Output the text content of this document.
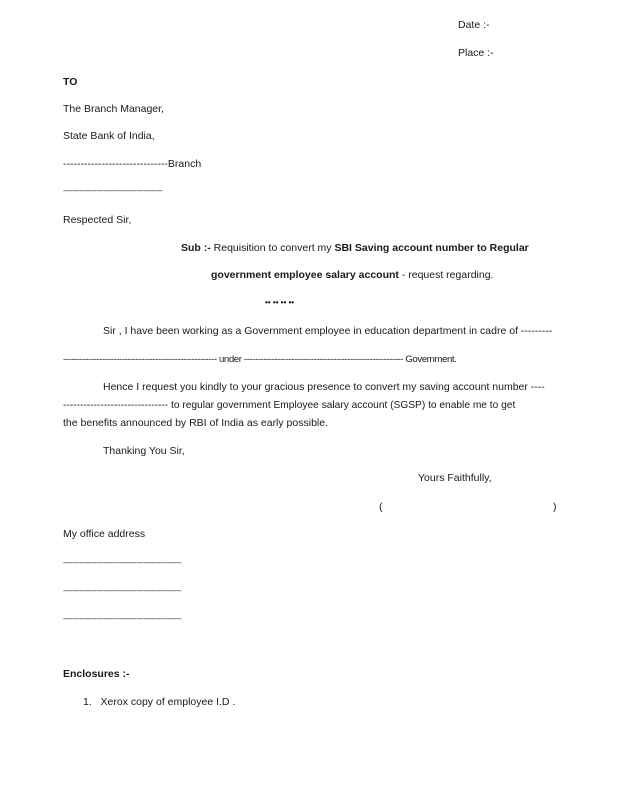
Date :-
Place :-
TO
The Branch Manager,
State Bank of India,
------------------------------Branch
------------------------------------------
Respected Sir,
Sub :- Requisition to convert my SBI Saving account number to Regular
government employee salary account - request regarding.
•• •• •• ••
Sir , I have been working as a Government employee in education department in cadre of ---------
------------------------------------------------------- under --------------------------------------------------------- Government.
Hence I request you kindly to your gracious presence to convert my saving account number ----
------------------------------- to regular government Employee salary account (SGSP) to enable me to get
the benefits announced by RBI of India as early possible.
Thanking You Sir,
Yours Faithfully,
(	)
My office address
--------------------------------------------------
--------------------------------------------------
--------------------------------------------------
Enclosures :-
1. Xerox copy of employee I.D .
